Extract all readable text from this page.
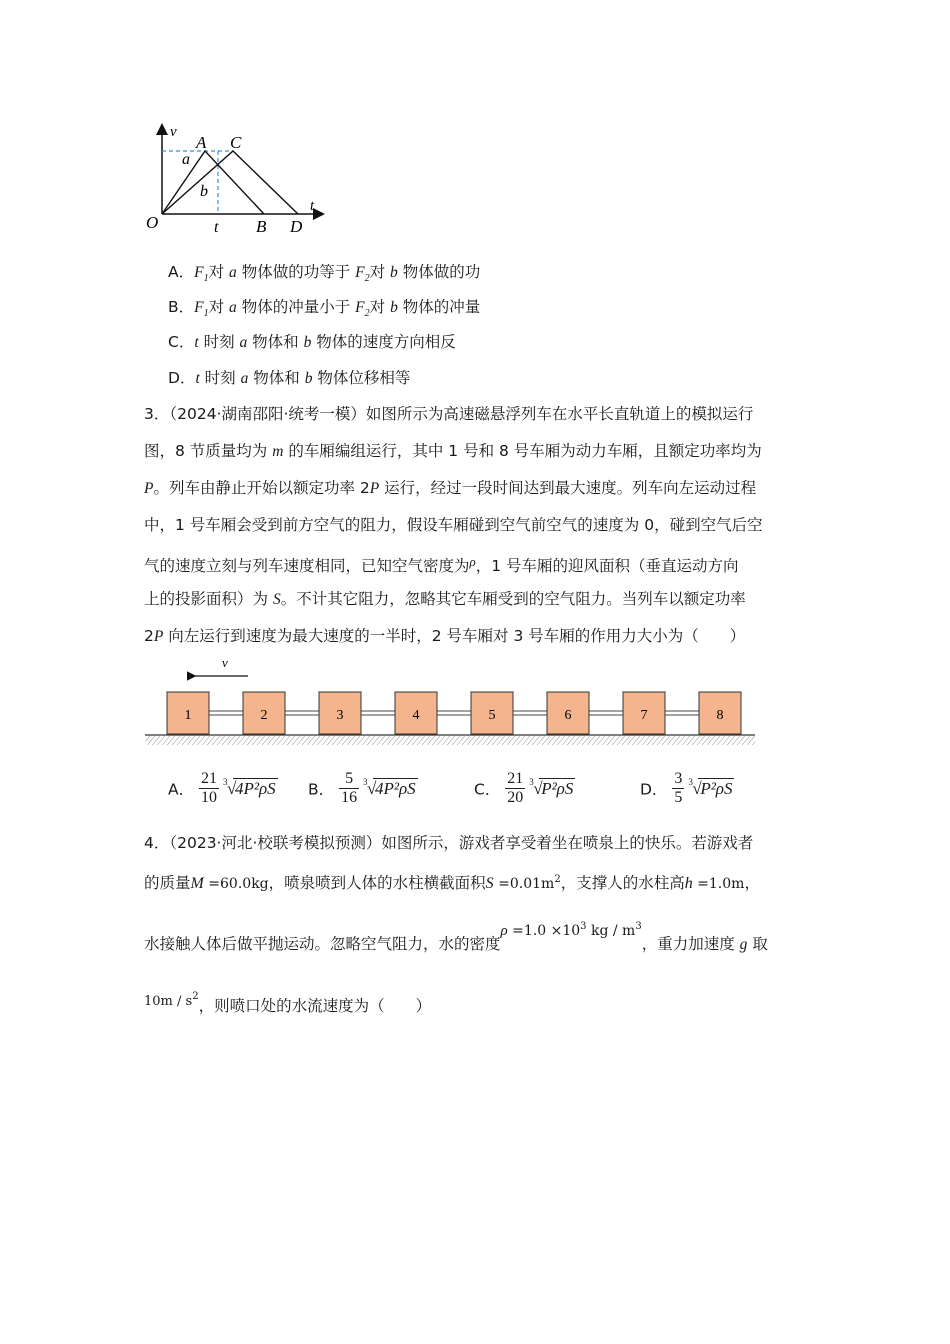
v
t
O
A C
a
b
t B D
A．$F_1$对 a 物体做的功等于 $F_2$对 b 物体做的功
B．$F_1$对 a 物体的冲量小于 $F_2$对 b 物体的冲量
C．t 时刻 a 物体和 b 物体的速度方向相反
D．t 时刻 a 物体和 b 物体位移相等
3．（2024·湖南邵阳·统考一模）如图所示为高速磁悬浮列车在水平长直轨道上的模拟运行
图，8 节质量均为 m 的车厢编组运行，其中 1 号和 8 号车厢为动力车厢，且额定功率均为
P。列车由静止开始以额定功率 2P 运行，经过一段时间达到最大速度。列车向左运动过程
中，1 号车厢会受到前方空气的阻力，假设车厢碰到空气前空气的速度为 0，碰到空气后空
气的速度立刻与列车速度相同，已知空气密度为$^\rho$，1 号车厢的迎风面积（垂直运动方向
上的投影面积）为 S。不计其它阻力，忽略其它车厢受到的空气阻力。当列车以额定功率
2P 向左运行到速度为最大速度的一半时，2 号车厢对 3 号车厢的作用力大小为（　　）
v
1	2	3	4	5	6	7	8
A． $\frac{21}{10}$
3 √
4P²ρS B． $\frac{5}{16}$
3 √
4P²ρS	C． $\frac{21}{20}$
3 √
P²ρS	D． $\frac{3}{5}$
3 √
P²ρS
4．（2023·河北·校联考模拟预测）如图所示，游戏者享受着坐在喷泉上的快乐。若游戏者
的质量M =60.0kg，喷泉喷到人体的水柱横截面积$S =0.01m^2$，支撑人的水柱高h =1.0m，
水接触人体后做平抛运动。忽略空气阻力，水的密度$\rho =1.0 \times 10^3$ kg / $m^3$，重力加速度 g 取
$10m / s^2$，则喷口处的水流速度为（　　）
